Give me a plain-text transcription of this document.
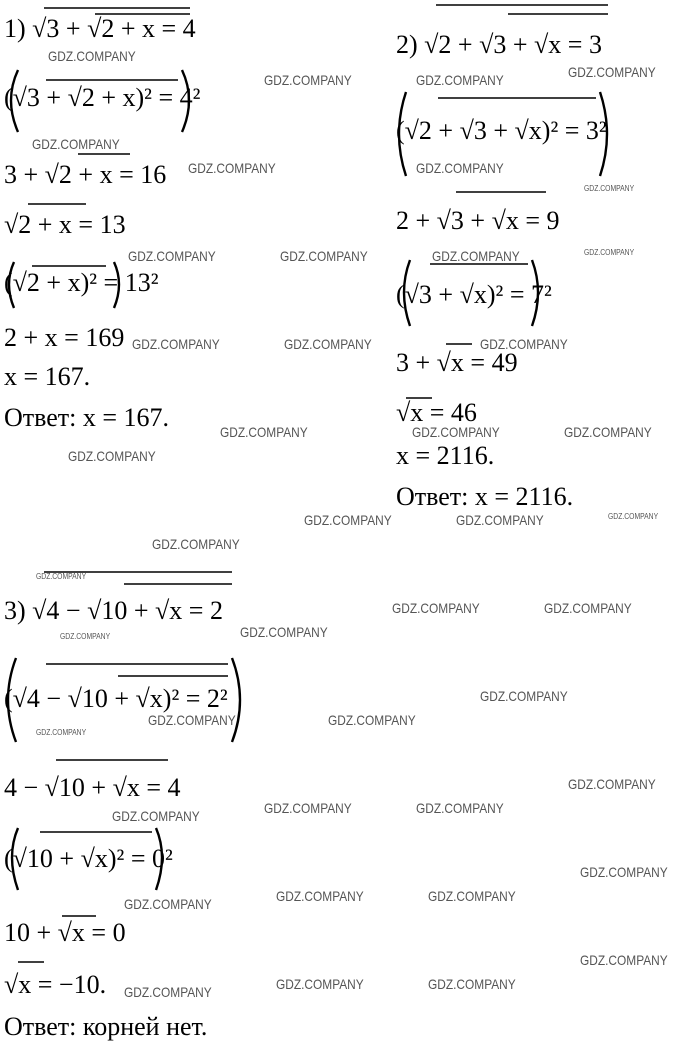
1) √3 + √2 + x = 4
(√3 + √2 + x)² = 4²
3 + √2 + x = 16
√2 + x = 13
(√2 + x)² = 13²
2 + x = 169
x = 167.
Ответ: x = 167.
2) √2 + √3 + √x = 3
(√2 + √3 + √x)² = 3²
2 + √3 + √x = 9
(√3 + √x)² = 7²
3 + √x = 49
√x = 46
x = 2116.
Ответ: x = 2116.
3) √4 − √10 + √x = 2
(√4 − √10 + √x)² = 2²
4 − √10 + √x = 4
(√10 + √x)² = 0²
10 + √x = 0
√x = −10.
Ответ: корней нет.
GDZ.COMPANY
GDZ.COMPANY
GDZ.COMPANY
GDZ.COMPANY
GDZ.COMPANY	GDZ.COMPANY
GDZ.COMPANY	GDZ.COMPANY
GDZ.COMPANY
GDZ.COMPANY
GDZ.COMPANY
GDZ.COMPANY
GDZ.COMPANY
GDZ.COMPANY
GDZ.COMPANY	GDZ.COMPANY
GDZ.COMPANY
GDZ.COMPANY	GDZ.COMPANY
GDZ.COMPANY	GDZ.COMPANY	GDZ.COMPANY
GDZ.COMPANY
GDZ.COMPANY
GDZ.COMPANY	GDZ.COMPANY
GDZ.COMPANY	GDZ.COMPANY
GDZ.COMPANY
GDZ.COMPANY	GDZ.COMPANY
GDZ.COMPANY
GDZ.COMPANY
GDZ.COMPANY	GDZ.COMPANY	GDZ.COMPANY
GDZ.COMPANY
GDZ.COMPANY	GDZ.COMPANY	GDZ.COMPANY
GDZ.COMPANY
GDZ.COMPANY	GDZ.COMPANY	GDZ.COMPANY
